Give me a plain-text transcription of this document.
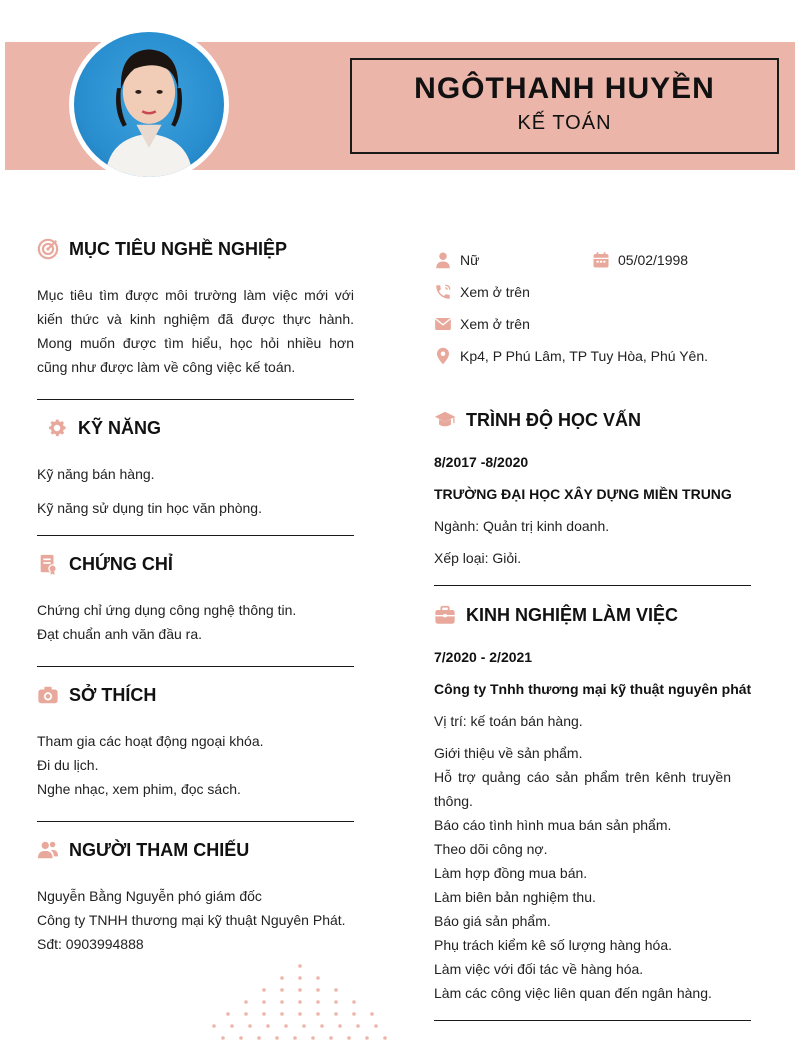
NGÔTHANH HUYỀN
KẾ TOÁN
MỤC TIÊU NGHỀ NGHIỆP
Mục tiêu tìm được môi trường làm việc mới với kiến thức và kinh nghiệm đã được thực hành. Mong muốn được tìm hiểu, học hỏi nhiều hơn cũng như được làm về công việc kế toán.
KỸ NĂNG
Kỹ năng bán hàng.
Kỹ năng sử dụng tin học văn phòng.
CHỨNG CHỈ
Chứng chỉ ứng dụng công nghệ thông tin.
Đạt chuẩn anh văn đầu ra.
SỞ THÍCH
Tham gia các hoạt động ngoại khóa.
Đi du lịch.
Nghe nhạc, xem phim, đọc sách.
NGƯỜI THAM CHIẾU
Nguyễn Bằng Nguyễn phó giám đốc
Công ty TNHH thương mại kỹ thuật Nguyên Phát.
Sđt: 0903994888
Nữ	05/02/1998
Xem ở trên
Xem ở trên
Kp4, P Phú Lâm, TP Tuy Hòa, Phú Yên.
TRÌNH ĐỘ HỌC VẤN
8/2017 -8/2020
TRƯỜNG ĐẠI HỌC XÂY DỰNG MIỀN TRUNG
Ngành: Quản trị kinh doanh.
Xếp loại: Giỏi.
KINH NGHIỆM LÀM VIỆC
7/2020 - 2/2021
Công ty Tnhh thương mại kỹ thuật nguyên phát
Vị trí: kế toán bán hàng.
Giới thiệu về sản phẩm.
Hỗ trợ quảng cáo sản phẩm trên kênh truyền thông.
Báo cáo tình hình mua bán sản phẩm.
Theo dõi công nợ.
Làm hợp đồng mua bán.
Làm biên bản nghiệm thu.
Báo giá sản phẩm.
Phụ trách kiểm kê số lượng hàng hóa.
Làm việc với đối tác về hàng hóa.
Làm các công việc liên quan đến ngân hàng.
